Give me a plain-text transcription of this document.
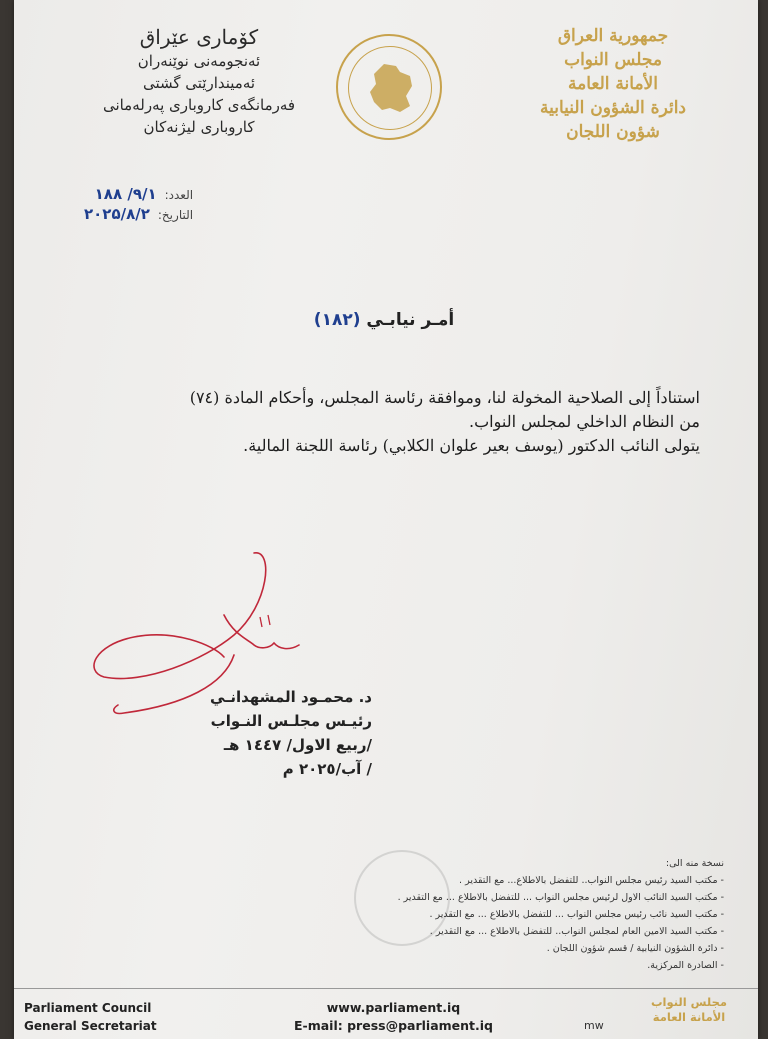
کۆماری عێراق
ئەنجومەنی نوێنەران
ئەمیندارێتی گشتی
فەرمانگەی کاروباری پەرلەمانی
کاروباری لیژنەکان
جمهورية العراق
مجلس النواب
الأمانة العامة
دائرة الشؤون النيابية
شؤون اللجان
العدد:
۹/۱/ ۱۸۸
التاريخ:
۲۰۲۵/۸/۲
أمـر نيابـي (۱۸۲)

استناداً إلى الصلاحية المخولة لنا، وموافقة رئاسة المجلس، وأحكام المادة (٧٤)

من النظام الداخلي لمجلس النواب.

يتولى النائب الدكتور (يوسف بعير علوان الكلابي) رئاسة اللجنة المالية.

د. محمـود المشهدانـي
رئيـس مجلـس النـواب
/ربيع الاول/ ١٤٤٧ هـ
/ آب/٢٠٢٥ م
نسخة منه الى:
- مكتب السيد رئيس مجلس النواب.. للتفضل بالاطلاع... مع التقدير .
- مكتب السيد النائب الاول لرئيس مجلس النواب ... للتفضل بالاطلاع ... مع التقدير .
- مكتب السيد نائب رئيس مجلس النواب ... للتفضل بالاطلاع ... مع التقدير .
- مكتب السيد الامين العام لمجلس النواب.. للتفضل بالاطلاع ... مع التقدير .
- دائرة الشؤون النيابية / قسم شؤون اللجان .
- الصادرة المركزية.
Parliament Council
General Secretariat
www.parliament.iq
E-mail: press@parliament.iq	mw
مجلس النواب
الأمانة العامة
